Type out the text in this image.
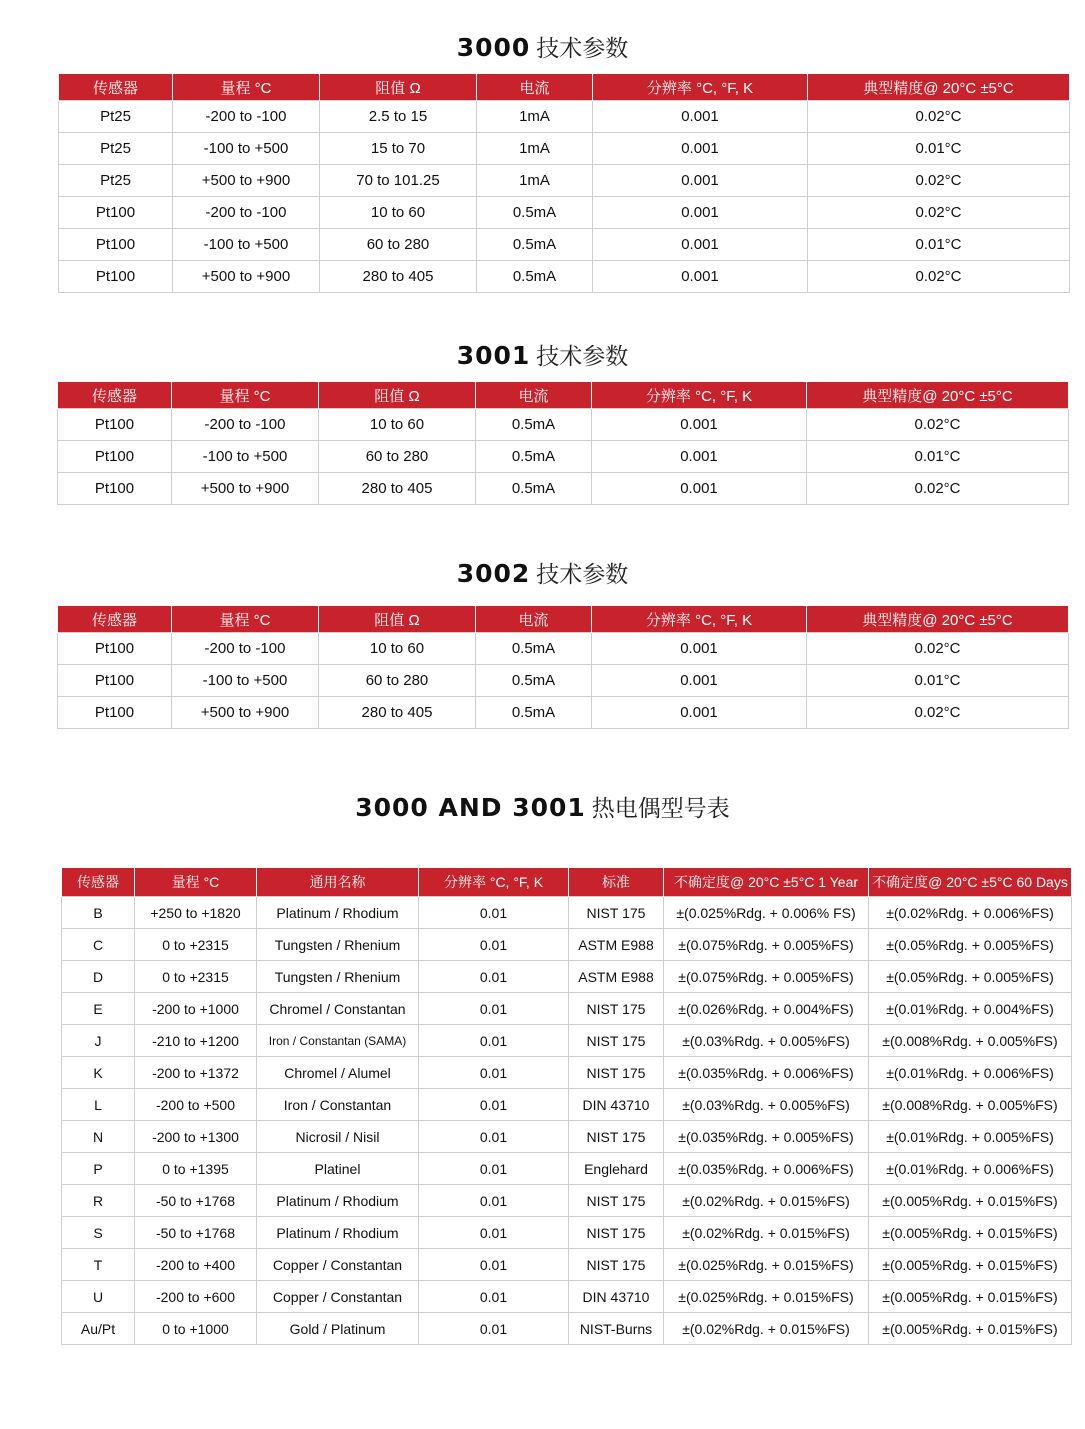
3000 技术参数
传感器	量程 °C	阻值 Ω	电流	分辨率 °C, °F, K	典型精度@ 20°C ±5°C
Pt25	-200 to -100	2.5 to 15	1mA	0.001	0.02°C
Pt25	-100 to +500	15 to 70	1mA	0.001	0.01°C
Pt25	+500 to +900	70 to 101.25	1mA	0.001	0.02°C
Pt100	-200 to -100	10 to 60	0.5mA	0.001	0.02°C
Pt100	-100 to +500	60 to 280	0.5mA	0.001	0.01°C
Pt100	+500 to +900	280 to 405	0.5mA	0.001	0.02°C
3001 技术参数
传感器	量程 °C	阻值 Ω	电流	分辨率 °C, °F, K	典型精度@ 20°C ±5°C
Pt100	-200 to -100	10 to 60	0.5mA	0.001	0.02°C
Pt100	-100 to +500	60 to 280	0.5mA	0.001	0.01°C
Pt100	+500 to +900	280 to 405	0.5mA	0.001	0.02°C
3002 技术参数
传感器	量程 °C	阻值 Ω	电流	分辨率 °C, °F, K	典型精度@ 20°C ±5°C
Pt100	-200 to -100	10 to 60	0.5mA	0.001	0.02°C
Pt100	-100 to +500	60 to 280	0.5mA	0.001	0.01°C
Pt100	+500 to +900	280 to 405	0.5mA	0.001	0.02°C
3000 AND 3001 热电偶型号表
传感器	量程 °C	通用名称	分辨率 °C, °F, K	标准	不确定度@ 20°C ±5°C 1 Year	不确定度@ 20°C ±5°C 60 Days
B	+250 to +1820	Platinum / Rhodium	0.01	NIST 175	±(0.025%Rdg. + 0.006% FS)	±(0.02%Rdg. + 0.006%FS)
C	0 to +2315	Tungsten / Rhenium	0.01	ASTM E988	±(0.075%Rdg. + 0.005%FS)	±(0.05%Rdg. + 0.005%FS)
D	0 to +2315	Tungsten / Rhenium	0.01	ASTM E988	±(0.075%Rdg. + 0.005%FS)	±(0.05%Rdg. + 0.005%FS)
E	-200 to +1000	Chromel / Constantan	0.01	NIST 175	±(0.026%Rdg. + 0.004%FS)	±(0.01%Rdg. + 0.004%FS)
J	-210 to +1200	Iron / Constantan (SAMA)	0.01	NIST 175	±(0.03%Rdg. + 0.005%FS)	±(0.008%Rdg. + 0.005%FS)
K	-200 to +1372	Chromel / Alumel	0.01	NIST 175	±(0.035%Rdg. + 0.006%FS)	±(0.01%Rdg. + 0.006%FS)
L	-200 to +500	Iron / Constantan	0.01	DIN 43710	±(0.03%Rdg. + 0.005%FS)	±(0.008%Rdg. + 0.005%FS)
N	-200 to +1300	Nicrosil / Nisil	0.01	NIST 175	±(0.035%Rdg. + 0.005%FS)	±(0.01%Rdg. + 0.005%FS)
P	0 to +1395	Platinel	0.01	Englehard	±(0.035%Rdg. + 0.006%FS)	±(0.01%Rdg. + 0.006%FS)
R	-50 to +1768	Platinum / Rhodium	0.01	NIST 175	±(0.02%Rdg. + 0.015%FS)	±(0.005%Rdg. + 0.015%FS)
S	-50 to +1768	Platinum / Rhodium	0.01	NIST 175	±(0.02%Rdg. + 0.015%FS)	±(0.005%Rdg. + 0.015%FS)
T	-200 to +400	Copper / Constantan	0.01	NIST 175	±(0.025%Rdg. + 0.015%FS)	±(0.005%Rdg. + 0.015%FS)
U	-200 to +600	Copper / Constantan	0.01	DIN 43710	±(0.025%Rdg. + 0.015%FS)	±(0.005%Rdg. + 0.015%FS)
Au/Pt	0 to +1000	Gold / Platinum	0.01	NIST-Burns	±(0.02%Rdg. + 0.015%FS)	±(0.005%Rdg. + 0.015%FS)
